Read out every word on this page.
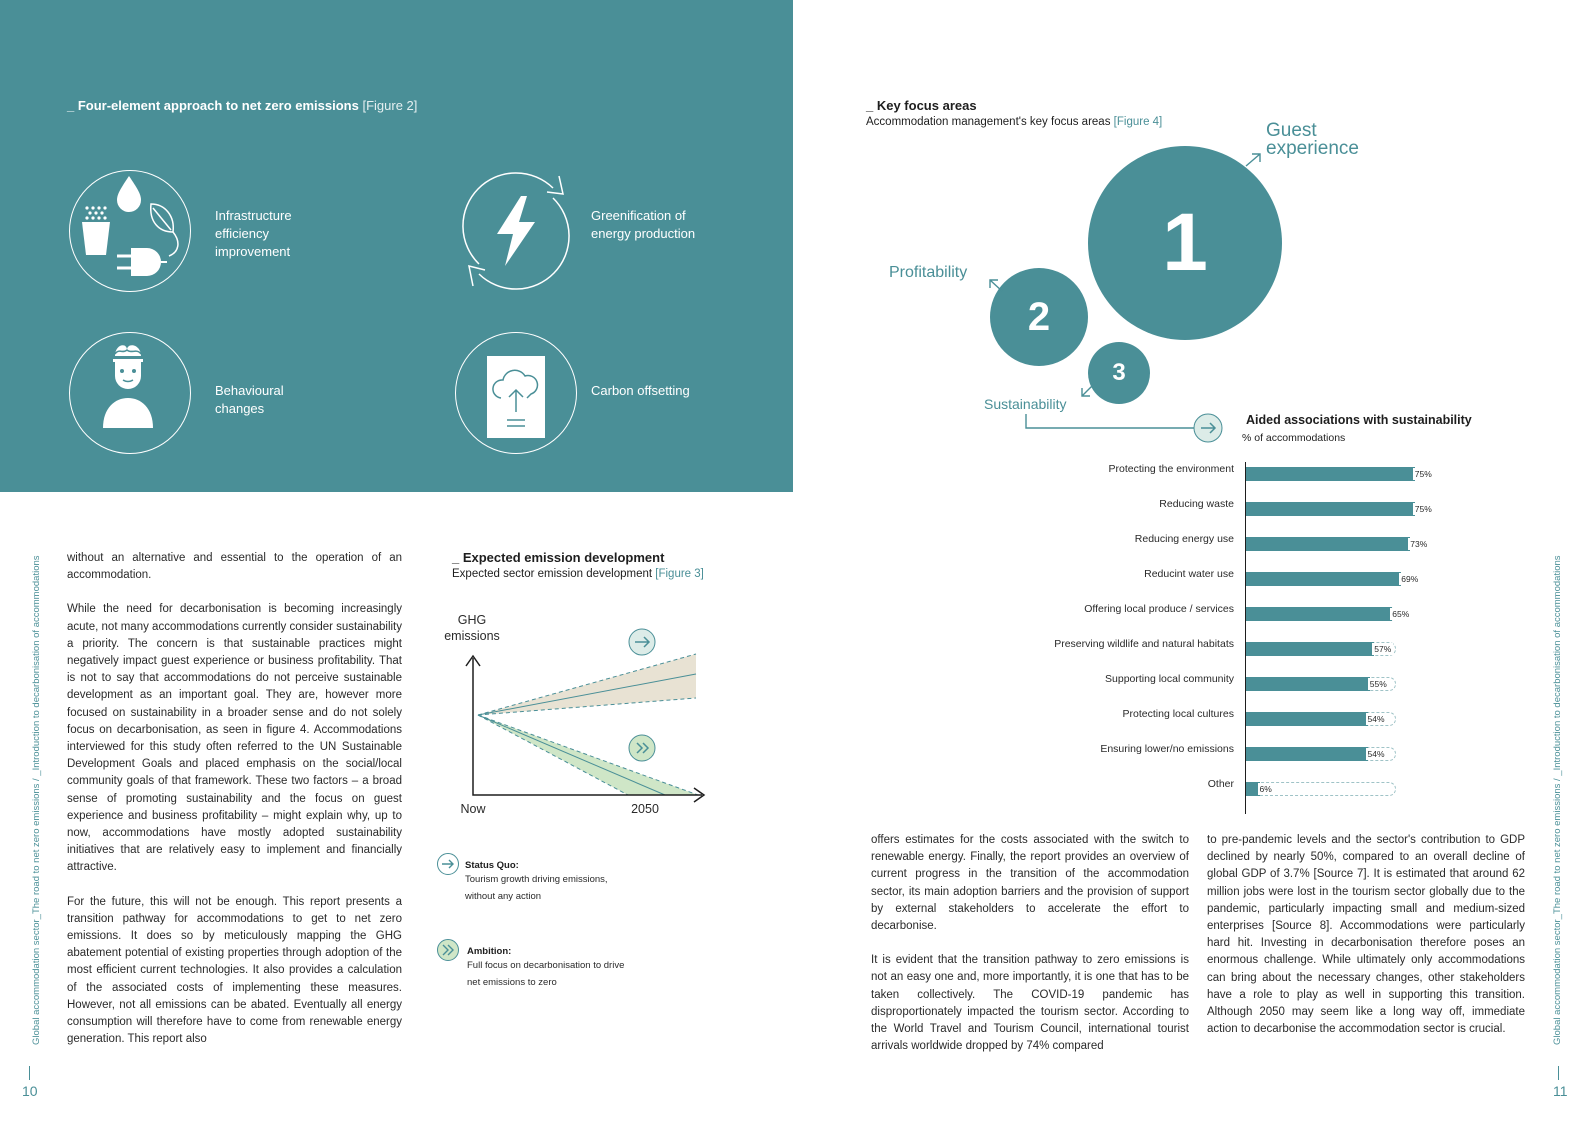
_ Four-element approach to net zero emissions [Figure 2]
Infrastructure efficiency improvement
Greenification of energy production
Behavioural changes
Carbon offsetting
Global accommodation sector_The road to net zero emissions / _Introduction to decarbonisation of accommodations
10

without an alternative and essential to the operation of an accommodation.

While the need for decarbonisation is becoming increasingly acute, not many accommodations currently consider sustainability a priority. The concern is that sustainable practices might negatively impact guest experience or business profitability. That is not to say that accommodations do not perceive sustainable development as an important goal. They are, however more focused on sustainability in a broader sense and do not solely focus on decarbonisation, as seen in figure 4. Accommodations interviewed for this study often referred to the UN Sustainable Development Goals and placed emphasis on the social/local community goals of that framework. These two factors – a broad sense of promoting sustainability and the focus on guest experience and business profitability – might explain why, up to now, accommodations have mostly adopted sustainability initiatives that are relatively easy to implement and financially attractive.

For the future, this will not be enough. This report presents a transition pathway for accommodations to get to net zero emissions. It does so by meticulously mapping the GHG abatement potential of existing properties through adoption of the most efficient current technologies. It also provides a calculation of the associated costs of implementing these measures. However, not all emissions can be abated. Eventually all energy consumption will therefore have to come from renewable energy generation. This report also

_ Expected emission development
Expected sector emission development [Figure 3]
GHG
emissions
Now	2050
Status Quo:
Tourism growth driving emissions,
without any action
Ambition:
Full focus on decarbonisation to drive
net emissions to zero
_ Key focus areas
Accommodation management's key focus areas [Figure 4]
1
2
3
Guest
experience
Profitability
Sustainability
Aided associations with sustainability
% of accommodations
75%
Protecting the environment
75%
Reducing waste
73%
Reducing energy use
69%
Reducint water use
65%
Offering local produce / services
57%
Preserving wildlife and natural habitats
55%
Supporting local community
54%
Protecting local cultures
54%
Ensuring lower/no emissions
6%
Other

offers estimates for the costs associated with the switch to renewable energy. Finally, the report provides an overview of current progress in the transition of the accommodation sector, its main adoption barriers and the provision of support by external stakeholders to accelerate the effort to decarbonise.

It is evident that the transition pathway to zero emissions is not an easy one and, more importantly, it is one that has to be taken collectively. The COVID-19 pandemic has disproportionately impacted the tourism sector. According to the World Travel and Tourism Council, international tourist arrivals worldwide dropped by 74% compared

to pre-pandemic levels and the sector's contribution to GDP declined by nearly 50%, compared to an overall decline of global GDP of 3.7% [Source 7]. It is estimated that around 62 million jobs were lost in the tourism sector globally due to the pandemic, particularly impacting small and medium-sized enterprises [Source 8]. Accommodations were particularly hard hit. Investing in decarbonisation therefore poses an enormous challenge. While ultimately only accommodations can bring about the necessary changes, other stakeholders have a role to play as well in supporting this transition. Although 2050 may seem like a long way off, immediate action to decarbonise the accommodation sector is crucial.	Global accommodation sector_The road to net zero emissions / _Introduction to decarbonisation of accommodations
11
